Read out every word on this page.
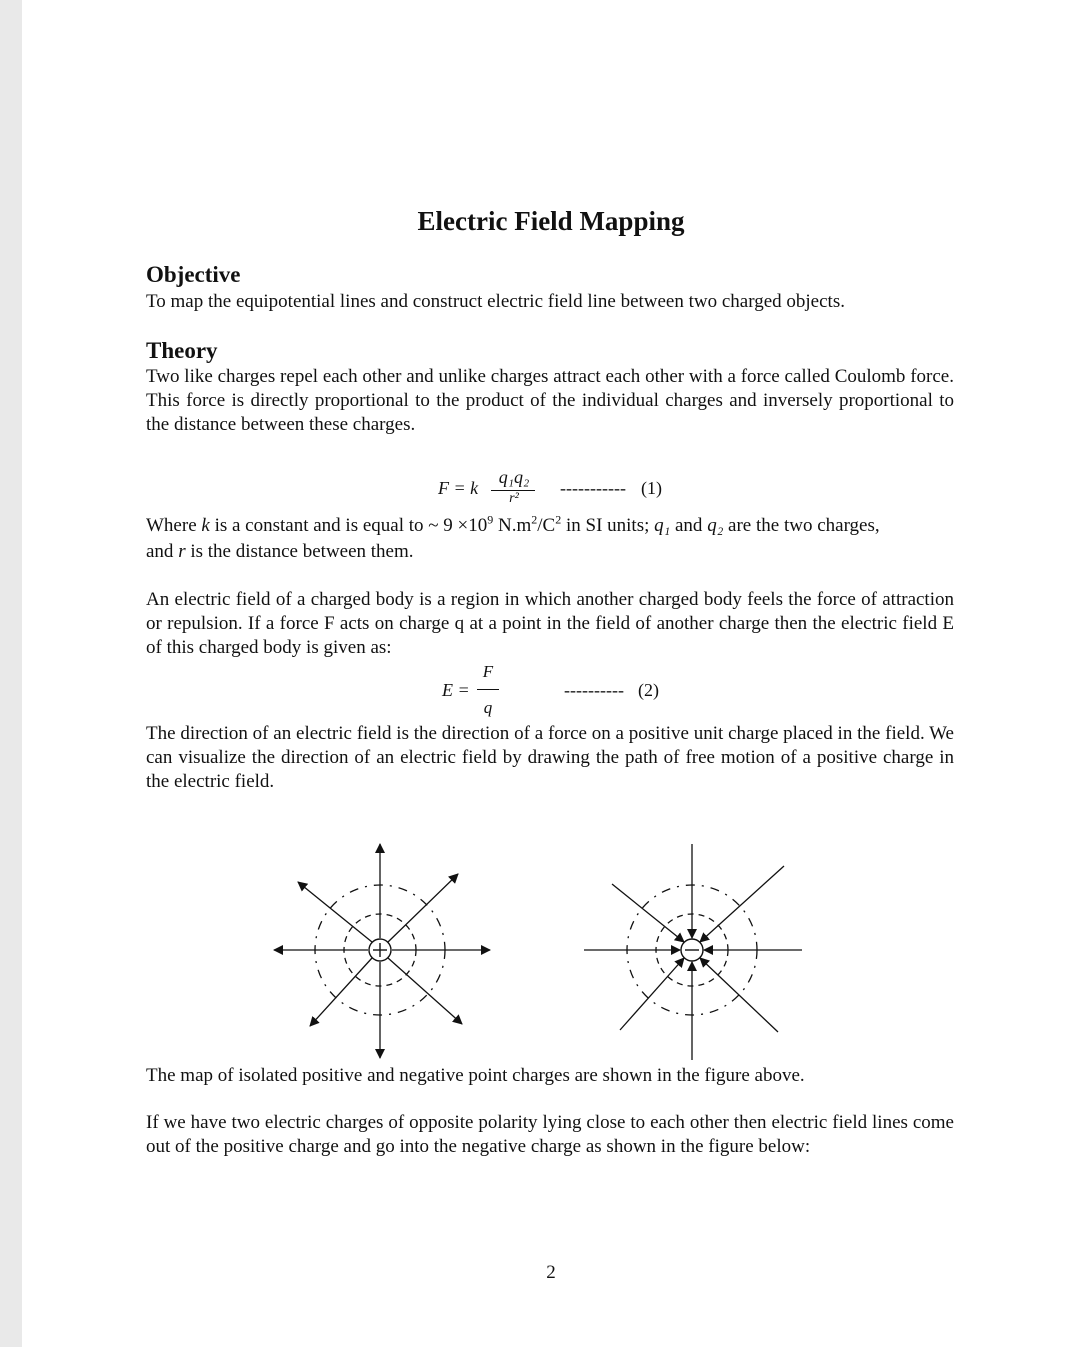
Electric Field Mapping
Objective
To map the equipotential lines and construct electric field line between two charged objects.
Theory
Two like charges repel each other and unlike charges attract each other with a force called Coulomb force. This force is directly proportional to the product of the individual charges and inversely proportional to the distance between these charges.
F = k
q₁q₂
r²
----------- (1)
Where k is a constant and is equal to ~ $9 \times 10^9$ $N.m^2/C^2$ in SI units; q₁ and q₂ are the two charges,
and r is the distance between them.
An electric field of a charged body is a region in which another charged body feels the force of attraction or repulsion. If a force F acts on charge q at a point in the field of another charge then the electric field E of this charged body is given as:
E =
F
q
---------- (2)
The direction of an electric field is the direction of a force on a positive unit charge placed in the field. We can visualize the direction of an electric field by drawing the path of free motion of a positive charge in the electric field.
The map of isolated positive and negative point charges are shown in the figure above.
If we have two electric charges of opposite polarity lying close to each other then electric field lines come out of the positive charge and go into the negative charge as shown in the figure below:
2
